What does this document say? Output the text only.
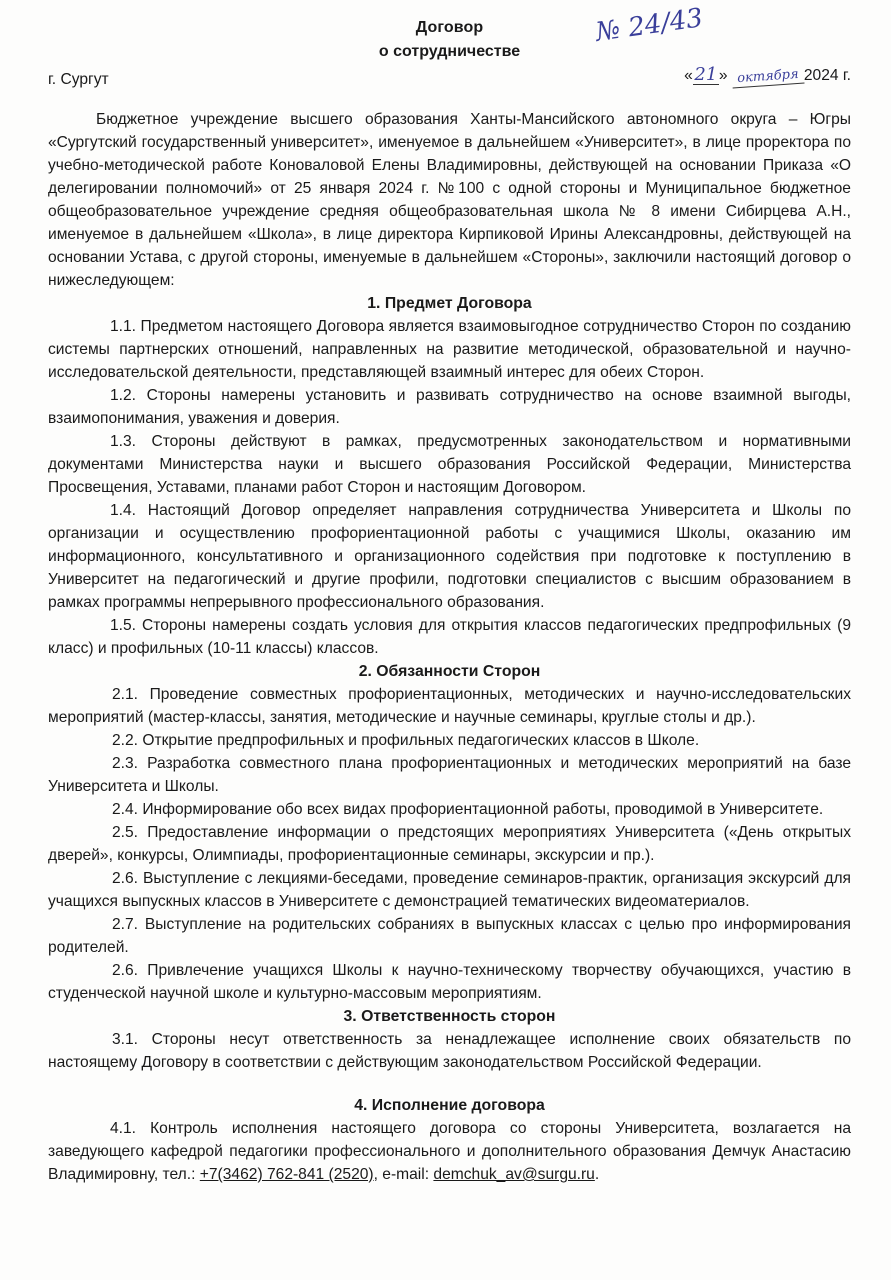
Договор
о сотрудничестве
№ 24/43
г. Сургут	«21» октября 2024 г.

Бюджетное учреждение высшего образования Ханты-Мансийского автономного округа – Югры «Сургутский государственный университет», именуемое в дальнейшем «Университет», в лице проректора по учебно-методической работе Коноваловой Елены Владимировны, действующей на основании Приказа «О делегировании полномочий» от 25 января 2024 г. №100 с одной стороны и Муниципальное бюджетное общеобразовательное учреждение средняя общеобразовательная школа № 8 имени Сибирцева А.Н., именуемое в дальнейшем «Школа», в лице директора Кирпиковой Ирины Александровны, действующей на основании Устава, с другой стороны, именуемые в дальнейшем «Стороны», заключили настоящий договор о нижеследующем:

1. Предмет Договора

1.1. Предметом настоящего Договора является взаимовыгодное сотрудничество Сторон по созданию системы партнерских отношений, направленных на развитие методической, образовательной и научно-исследовательской деятельности, представляющей взаимный интерес для обеих Сторон.

1.2. Стороны намерены установить и развивать сотрудничество на основе взаимной выгоды, взаимопонимания, уважения и доверия.

1.3. Стороны действуют в рамках, предусмотренных законодательством и нормативными документами Министерства науки и высшего образования Российской Федерации, Министерства Просвещения, Уставами, планами работ Сторон и настоящим Договором.

1.4. Настоящий Договор определяет направления сотрудничества Университета и Школы по организации и осуществлению профориентационной работы с учащимися Школы, оказанию им информационного, консультативного и организационного содействия при подготовке к поступлению в Университет на педагогический и другие профили, подготовки специалистов с высшим образованием в рамках программы непрерывного профессионального образования.

1.5. Стороны намерены создать условия для открытия классов педагогических предпрофильных (9 класс) и профильных (10-11 классы) классов.

2. Обязанности Сторон

2.1. Проведение совместных профориентационных, методических и научно-исследовательских мероприятий (мастер-классы, занятия, методические и научные семинары, круглые столы и др.).

2.2. Открытие предпрофильных и профильных педагогических классов в Школе.

2.3. Разработка совместного плана профориентационных и методических мероприятий на базе Университета и Школы.

2.4. Информирование обо всех видах профориентационной работы, проводимой в Университете.

2.5. Предоставление информации о предстоящих мероприятиях Университета («День открытых дверей», конкурсы, Олимпиады, профориентационные семинары, экскурсии и пр.).

2.6. Выступление с лекциями-беседами, проведение семинаров-практик, организация экскурсий для учащихся выпускных классов в Университете с демонстрацией тематических видеоматериалов.

2.7. Выступление на родительских собраниях в выпускных классах с целью про информирования родителей.

2.6. Привлечение учащихся Школы к научно-техническому творчеству обучающихся, участию в студенческой научной школе и культурно-массовым мероприятиям.

3. Ответственность сторон

3.1. Стороны несут ответственность за ненадлежащее исполнение своих обязательств по настоящему Договору в соответствии с действующим законодательством Российской Федерации.

4. Исполнение договора

4.1. Контроль исполнения настоящего договора со стороны Университета, возлагается на заведующего кафедрой педагогики профессионального и дополнительного образования Демчук Анастасию Владимировну, тел.: +7(3462) 762-841 (2520), e-mail: demchuk_av@surgu.ru.
